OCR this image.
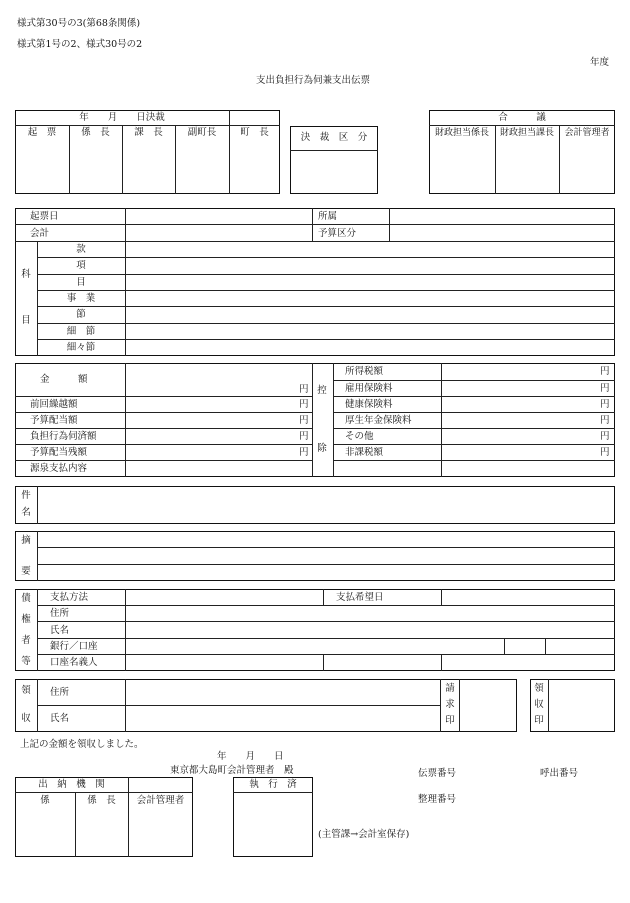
様式第30号の3(第68条関係)
様式第1号の2、様式30号の2
年度
支出負担行為伺兼支出伝票
年　　月　　日決裁
起　票	係　長	課　長	副町長	町　長	決　裁　区　分
合　　　議
財政担当係長	財政担当課長	会計管理者
起票日	所属
会計	予算区分
科
目
款
項
目
事　業
節
細　節
細々節
金　　　額
円
前回繰越額	円
予算配当額	円
負担行為伺済額	円
予算配当残額	円
源泉支払内容
控
除
所得税額	円
雇用保険料	円
健康保険料	円
厚生年金保険料	円
その他	円
非課税額	円
件
名
摘
要
債
権
者
等
支払方法	支払希望日
住所
氏名
銀行／口座
口座名義人
領
収
住所
氏名
請
求
印
領
収
印
上記の金額を領収しました。
年　　月　　日
東京都大島町会計管理者　殿	伝票番号	呼出番号
整理番号
出　納　機　関
係	係　長	会計管理者
執　行　済
(主管課→会計室保存)
